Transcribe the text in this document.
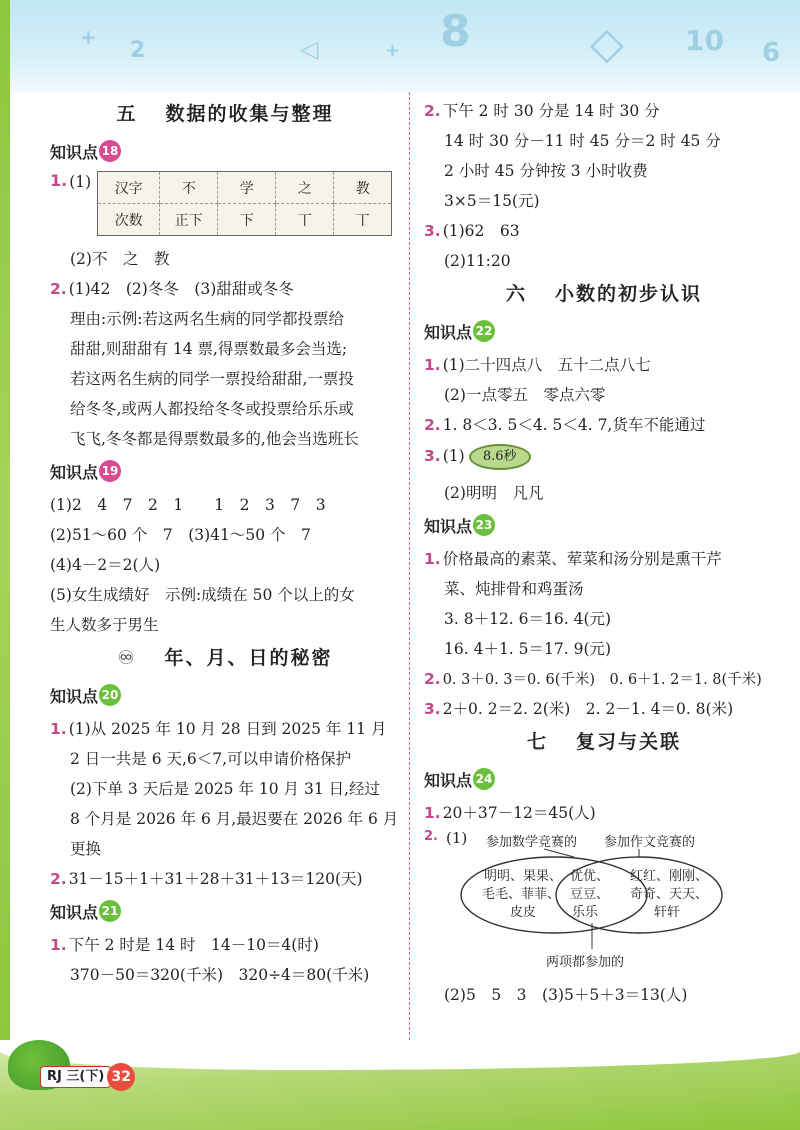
+
2	◁	+ 8	◇ 10 6
五 数据的收集与整理
知识点 18
1. (1) 汉字	不	学	之	教
次数	正下	下	丅	丅
(2)不　之　教
2. (1)42　(2)冬冬　(3)甜甜或冬冬
理由:示例:若这两名生病的同学都投票给
甜甜,则甜甜有 14 票,得票数最多会当选;
若这两名生病的同学一票投给甜甜,一票投
给冬冬,或两人都投给冬冬或投票给乐乐或
飞飞,冬冬都是得票数最多的,他会当选班长
知识点 19
(1)2　4　7　2　1　　1　2　3　7　3
(2)51～60 个　7　(3)41～50 个　7
(4)4－2＝2(人)
(5)女生成绩好　示例:成绩在 50 个以上的女
生人数多于男生
♾ 年、月、日的秘密
知识点 20
1. (1)从 2025 年 10 月 28 日到 2025 年 11 月
2 日一共是 6 天,6＜7,可以申请价格保护
(2)下单 3 天后是 2025 年 10 月 31 日,经过
8 个月是 2026 年 6 月,最迟要在 2026 年 6 月
更换
2. 31－15＋1＋31＋28＋31＋13＝120(天)
知识点 21
1. 下午 2 时是 14 时　14－10＝4(时)
370－50＝320(千米)　320÷4＝80(千米)
2. 下午 2 时 30 分是 14 时 30 分
14 时 30 分－11 时 45 分＝2 时 45 分
2 小时 45 分钟按 3 小时收费
3×5＝15(元)
3. (1)62　63
(2)11:20
六 小数的初步认识
知识点 22
1. (1)二十四点八　五十二点八七
(2)一点零五　零点六零
2. 1. 8＜3. 5＜4. 5＜4. 7,货车不能通过
3. (1) 8.6秒
(2)明明　凡凡
知识点 23
1. 价格最高的素菜、荤菜和汤分别是熏干芹
菜、炖排骨和鸡蛋汤
3. 8＋12. 6＝16. 4(元)
16. 4＋1. 5＝17. 9(元)
2. 0. 3＋0. 3＝0. 6(千米)　0. 6＋1. 2＝1. 8(千米)
3. 2＋0. 2＝2. 2(米)　2. 2－1. 4＝0. 8(米)
七 复习与关联
知识点 24
1. 20＋37－12＝45(人)
2. (1) 参加数学竞赛的 参加作文竞赛的
明明、果果、
毛毛、菲菲、
皮皮
优优、
豆豆、
乐乐
红红、刚刚、
奇奇、天天、
轩轩
两项都参加的
(2)5　5　3　(3)5＋5＋3＝13(人)
RJ 三(下) 32
